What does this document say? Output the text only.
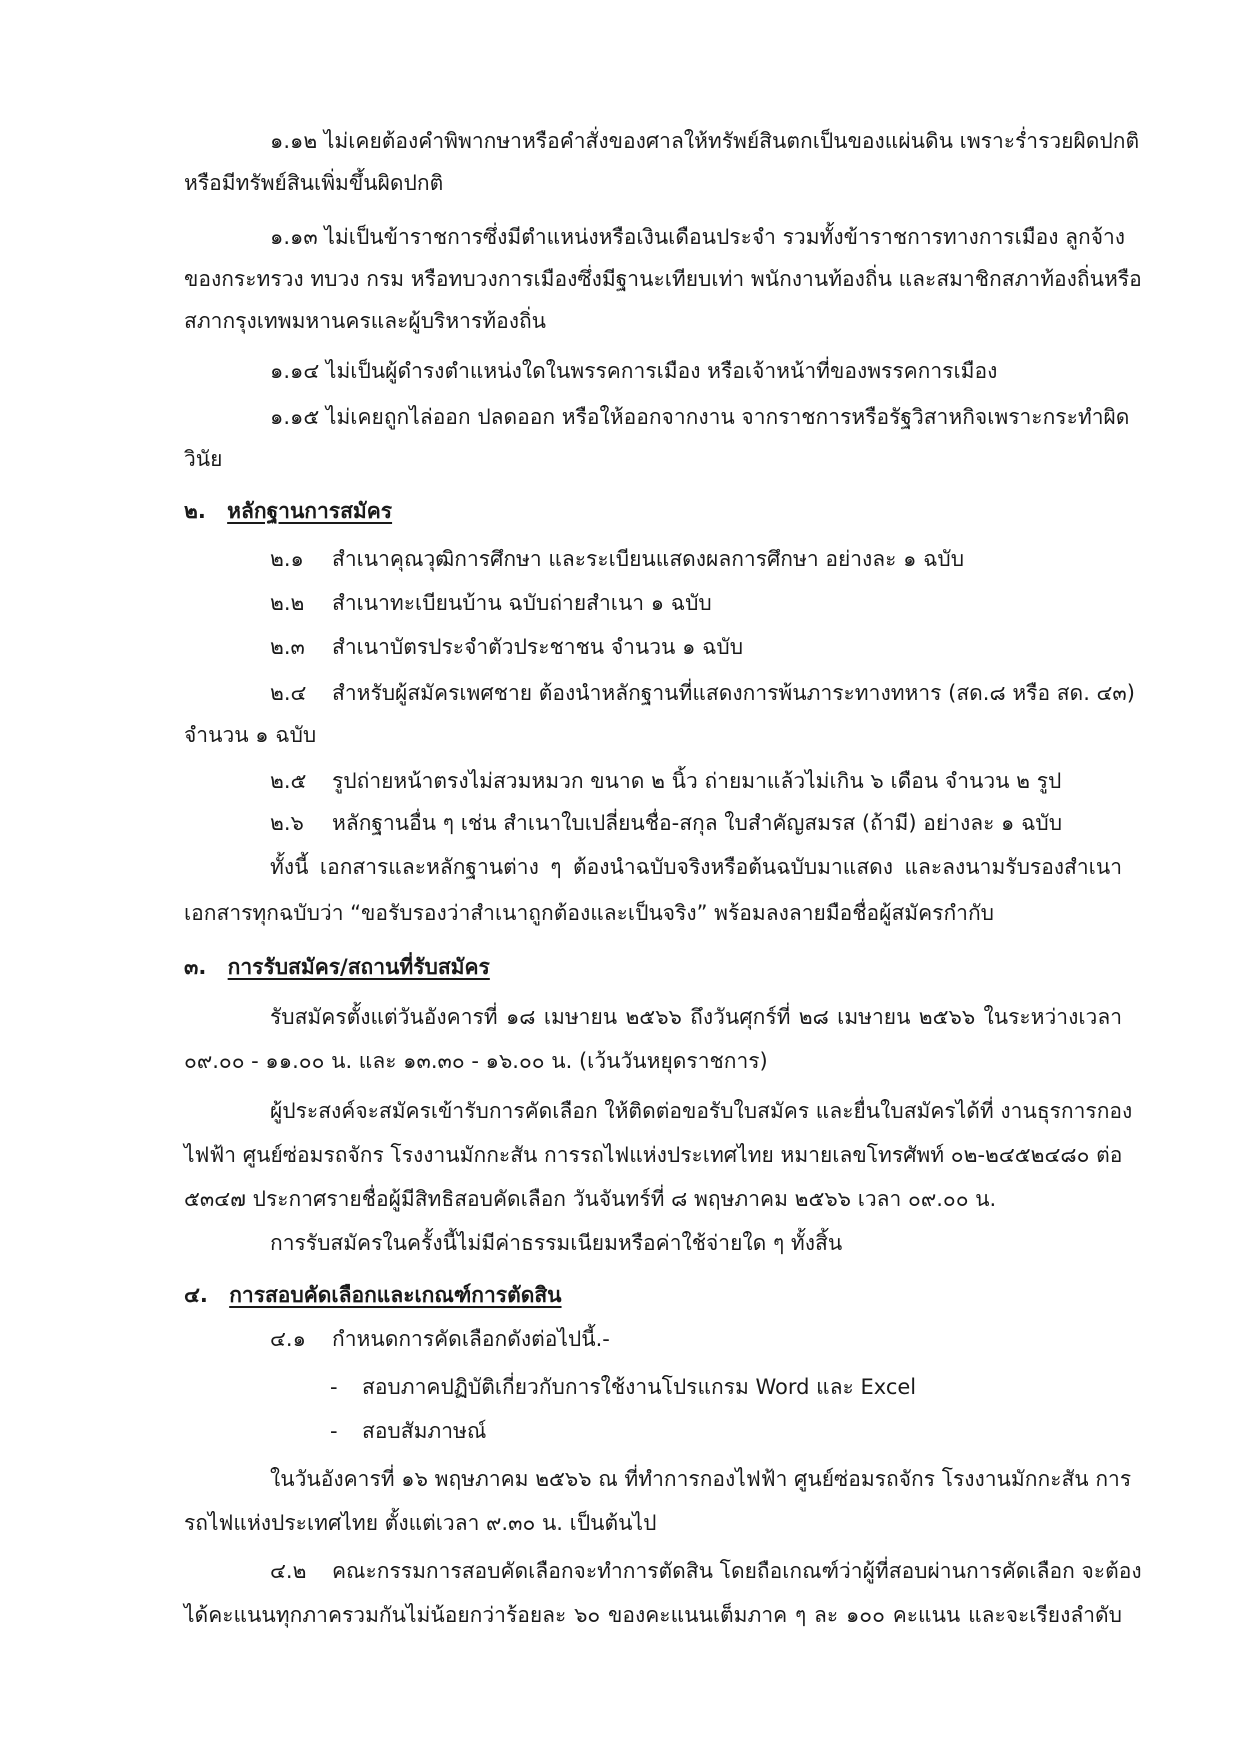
๑.๑๒ ไม่เคยต้องคำพิพากษาหรือคำสั่งของศาลให้ทรัพย์สินตกเป็นของแผ่นดิน เพราะร่ำรวยผิดปกติ
หรือมีทรัพย์สินเพิ่มขึ้นผิดปกติ
๑.๑๓ ไม่เป็นข้าราชการซึ่งมีตำแหน่งหรือเงินเดือนประจำ รวมทั้งข้าราชการทางการเมือง ลูกจ้าง
ของกระทรวง ทบวง กรม หรือทบวงการเมืองซึ่งมีฐานะเทียบเท่า พนักงานท้องถิ่น และสมาชิกสภาท้องถิ่นหรือ
สภากรุงเทพมหานครและผู้บริหารท้องถิ่น
๑.๑๔ ไม่เป็นผู้ดำรงตำแหน่งใดในพรรคการเมือง หรือเจ้าหน้าที่ของพรรคการเมือง
๑.๑๕ ไม่เคยถูกไล่ออก ปลดออก หรือให้ออกจากงาน จากราชการหรือรัฐวิสาหกิจเพราะกระทำผิด
วินัย
๒. หลักฐานการสมัคร
๒.๑ สำเนาคุณวุฒิการศึกษา และระเบียนแสดงผลการศึกษา อย่างละ ๑ ฉบับ
๒.๒ สำเนาทะเบียนบ้าน ฉบับถ่ายสำเนา ๑ ฉบับ
๒.๓ สำเนาบัตรประจำตัวประชาชน จำนวน ๑ ฉบับ
๒.๔ สำหรับผู้สมัครเพศชาย ต้องนำหลักฐานที่แสดงการพ้นภาระทางทหาร (สด.๘ หรือ สด. ๔๓)
จำนวน ๑ ฉบับ
๒.๕ รูปถ่ายหน้าตรงไม่สวมหมวก ขนาด ๒ นิ้ว ถ่ายมาแล้วไม่เกิน ๖ เดือน จำนวน ๒ รูป
๒.๖ หลักฐานอื่น ๆ เช่น สำเนาใบเปลี่ยนชื่อ-สกุล ใบสำคัญสมรส (ถ้ามี) อย่างละ ๑ ฉบับ
ทั้งนี้ เอกสารและหลักฐานต่าง ๆ ต้องนำฉบับจริงหรือต้นฉบับมาแสดง และลงนามรับรองสำเนา
เอกสารทุกฉบับว่า “ขอรับรองว่าสำเนาถูกต้องและเป็นจริง” พร้อมลงลายมือชื่อผู้สมัครกำกับ
๓. การรับสมัคร/สถานที่รับสมัคร
รับสมัครตั้งแต่วันอังคารที่ ๑๘ เมษายน ๒๕๖๖ ถึงวันศุกร์ที่ ๒๘ เมษายน ๒๕๖๖ ในระหว่างเวลา
๐๙.๐๐ - ๑๑.๐๐ น. และ ๑๓.๓๐ - ๑๖.๐๐ น. (เว้นวันหยุดราชการ)
ผู้ประสงค์จะสมัครเข้ารับการคัดเลือก ให้ติดต่อขอรับใบสมัคร และยื่นใบสมัครได้ที่ งานธุรการกอง
ไฟฟ้า ศูนย์ซ่อมรถจักร โรงงานมักกะสัน การรถไฟแห่งประเทศไทย หมายเลขโทรศัพท์ ๐๒-๒๔๕๒๔๘๐ ต่อ
๕๓๔๗ ประกาศรายชื่อผู้มีสิทธิสอบคัดเลือก วันจันทร์ที่ ๘ พฤษภาคม ๒๕๖๖ เวลา ๐๙.๐๐ น.
การรับสมัครในครั้งนี้ไม่มีค่าธรรมเนียมหรือค่าใช้จ่ายใด ๆ ทั้งสิ้น
๔. การสอบคัดเลือกและเกณฑ์การตัดสิน
๔.๑ กำหนดการคัดเลือกดังต่อไปนี้.-
- สอบภาคปฏิบัติเกี่ยวกับการใช้งานโปรแกรม Word และ Excel
- สอบสัมภาษณ์
ในวันอังคารที่ ๑๖ พฤษภาคม ๒๕๖๖ ณ ที่ทำการกองไฟฟ้า ศูนย์ซ่อมรถจักร โรงงานมักกะสัน การ
รถไฟแห่งประเทศไทย ตั้งแต่เวลา ๙.๓๐ น. เป็นต้นไป
๔.๒ คณะกรรมการสอบคัดเลือกจะทำการตัดสิน โดยถือเกณฑ์ว่าผู้ที่สอบผ่านการคัดเลือก จะต้อง
ได้คะแนนทุกภาครวมกันไม่น้อยกว่าร้อยละ ๖๐ ของคะแนนเต็มภาค ๆ ละ ๑๐๐ คะแนน และจะเรียงลำดับ
